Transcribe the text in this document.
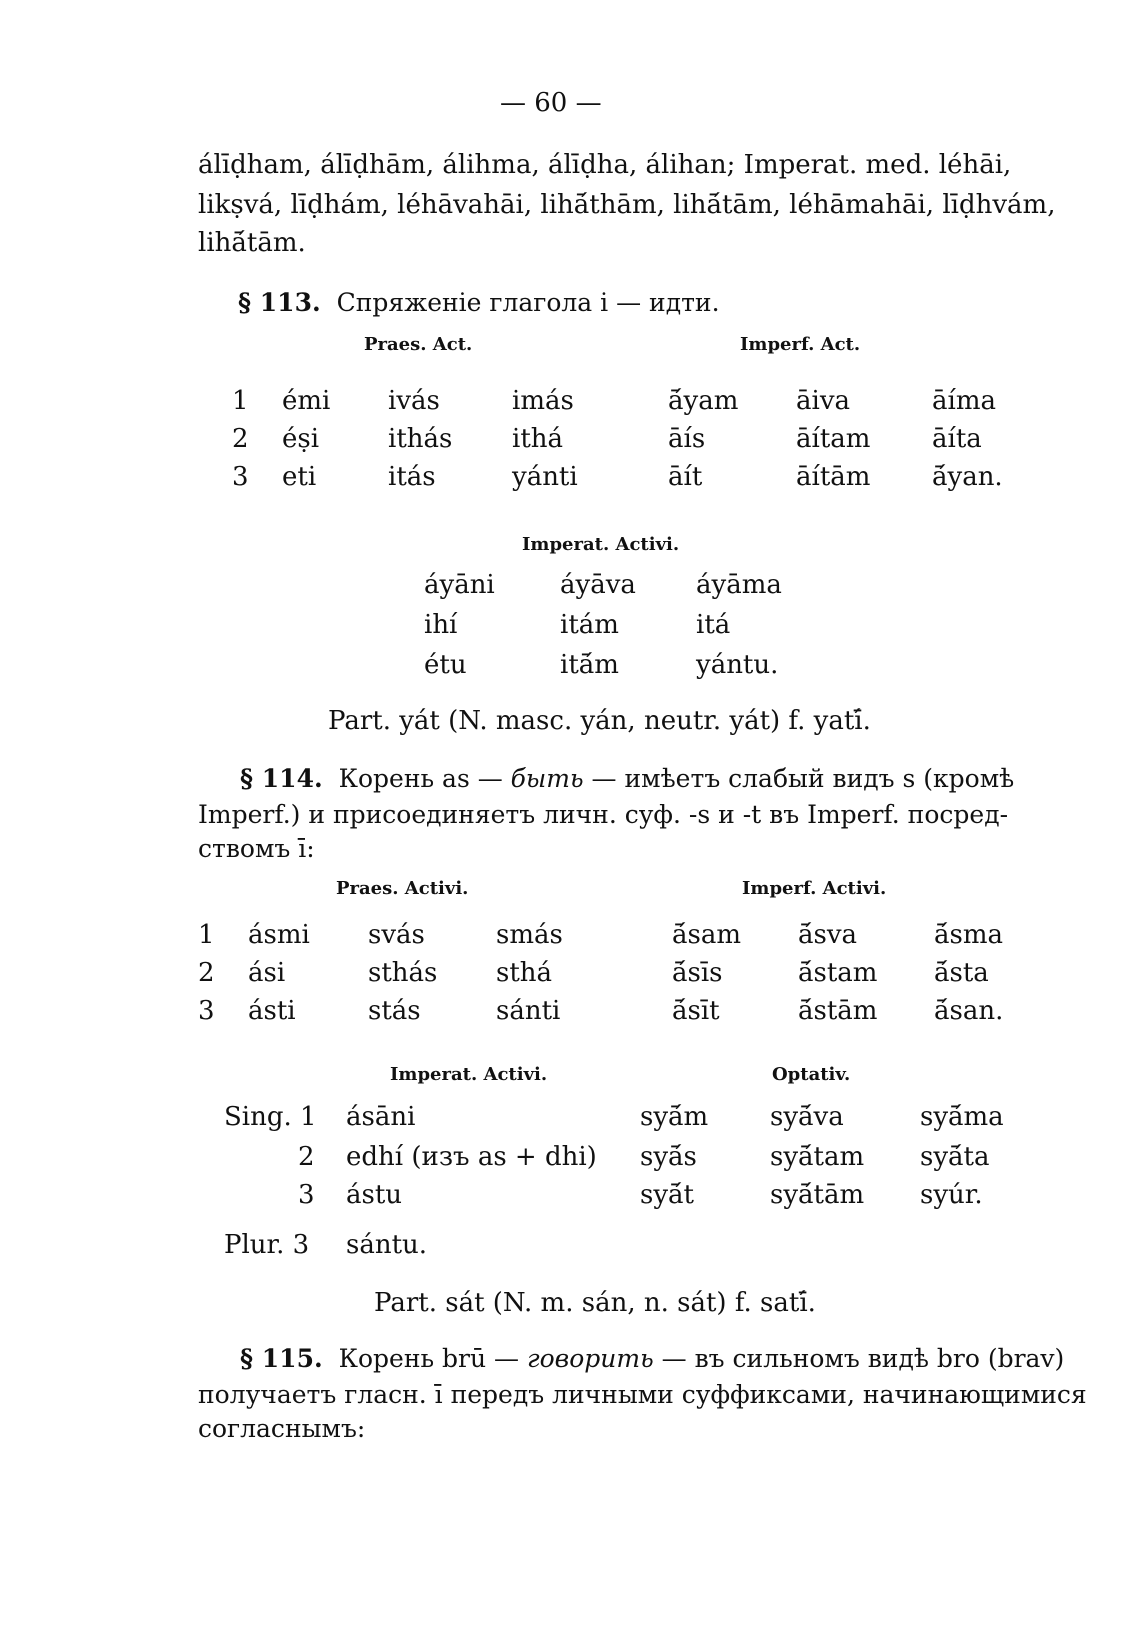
— 60 —
álīḍham, álīḍhām, álihma, álīḍha, álihan; Imperat. med. léhāi,
likṣvá, līḍhám, léhāvahāi, lihā́thām, lihā́tām, léhāmahāi, līḍhvám,
lihā́tām.
§ 113. Спряженіе глагола i — идти.
Praes. Act.	Imperf. Act.
1 émi ivás	imás	ā́yam āiva	āíma
2 éṣi	ithás ithá	āís	āítam āíta
3 eti	itás	yánti	āít	āítām ā́yan.
Imperat. Activi.
áyāni	áyāva áyāma
ihí	itám	itá
étu	itā́m	yántu.
Part. yát (N. masc. yán, neutr. yát) f. yatī́.
§ 114. Корень as — быть — имѣетъ слабый видъ s (кромѣ
Imperf.) и присоединяетъ личн. суф. -s и -t въ Imperf. посред-
ствомъ ī:
Praes. Activi.	Imperf. Activi.
1 ásmi svás	smás	ā́sam ā́sva	ā́sma
2 ási	sthás sthá	ā́sīs	ā́stam ā́sta
3 ásti	stás	sánti	ā́sīt	ā́stām ā́san.
Imperat. Activi.	Optativ.
Sing. 1 ásāni	syā́m syā́va	syā́ma
2 edhí (изъ as + dhi) syā́s	syā́tam syā́ta
3 ástu	syā́t	syā́tām syúr.
Plur. 3 sántu.
Part. sát (N. m. sán, n. sát) f. satī́.
§ 115. Корень brū — говорить — въ сильномъ видѣ bro (brav)
получаетъ гласн. ī передъ личными суффиксами, начинающимися
согласнымъ:
